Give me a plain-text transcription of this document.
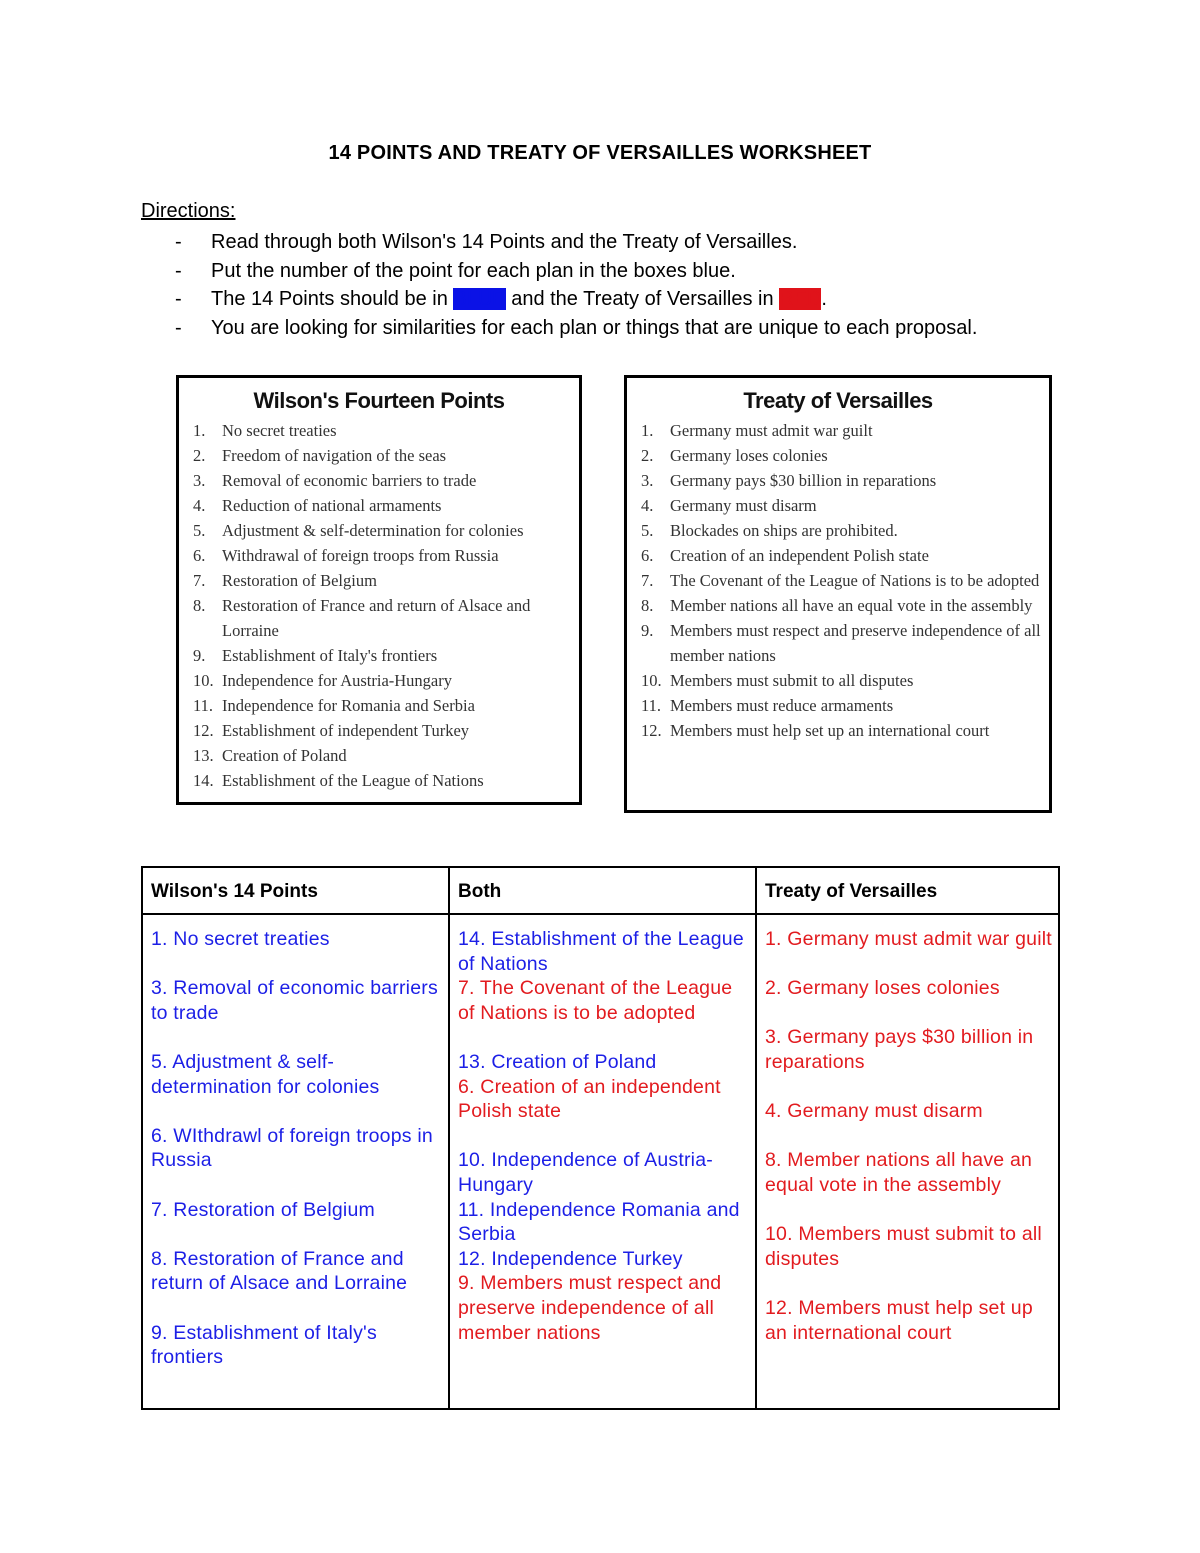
14 POINTS AND TREATY OF VERSAILLES WORKSHEET
Directions:
- Read through both Wilson's 14 Points and the Treaty of Versailles.
- Put the number of the point for each plan in the boxes blue.
- The 14 Points should be in BLUE and the Treaty of Versailles in RED.
- You are looking for similarities for each plan or things that are unique to each proposal.
Wilson's Fourteen Points
1.	No secret treaties
2.	Freedom of navigation of the seas
3.	Removal of economic barriers to trade
4.	Reduction of national armaments
5.	Adjustment & self-determination for colonies
6.	Withdrawal of foreign troops from Russia
7.	Restoration of Belgium
8.	Restoration of France and return of Alsace and Lorraine
9.	Establishment of Italy's frontiers
10. Independence for Austria-Hungary
11. Independence for Romania and Serbia
12. Establishment of independent Turkey
13. Creation of Poland
14. Establishment of the League of Nations
Treaty of Versailles
1.	Germany must admit war guilt
2.	Germany loses colonies
3.	Germany pays $30 billion in reparations
4.	Germany must disarm
5.	Blockades on ships are prohibited.
6.	Creation of an independent Polish state
7.	The Covenant of the League of Nations is to be adopted
8.	Member nations all have an equal vote in the assembly
9.	Members must respect and preserve independence of all member nations
10. Members must submit to all disputes
11. Members must reduce armaments
12. Members must help set up an international court
Wilson's 14 Points
1. No secret treaties
3. Removal of economic barriers to trade
5. Adjustment & self-determination for colonies
6. WIthdrawl of foreign troops in Russia
7. Restoration of Belgium
8. Restoration of France and return of Alsace and Lorraine
9. Establishment of Italy's frontiers
Both
14. Establishment of the League of Nations
7. The Covenant of the League of Nations is to be adopted
13. Creation of Poland
6. Creation of an independent Polish state
10. Independence of Austria-Hungary
11. Independence Romania and Serbia
12. Independence Turkey
9. Members must respect and preserve independence of all member nations
Treaty of Versailles
1. Germany must admit war guilt
2. Germany loses colonies
3. Germany pays $30 billion in reparations
4. Germany must disarm
8. Member nations all have an equal vote in the assembly
10. Members must submit to all disputes
12. Members must help set up an international court
